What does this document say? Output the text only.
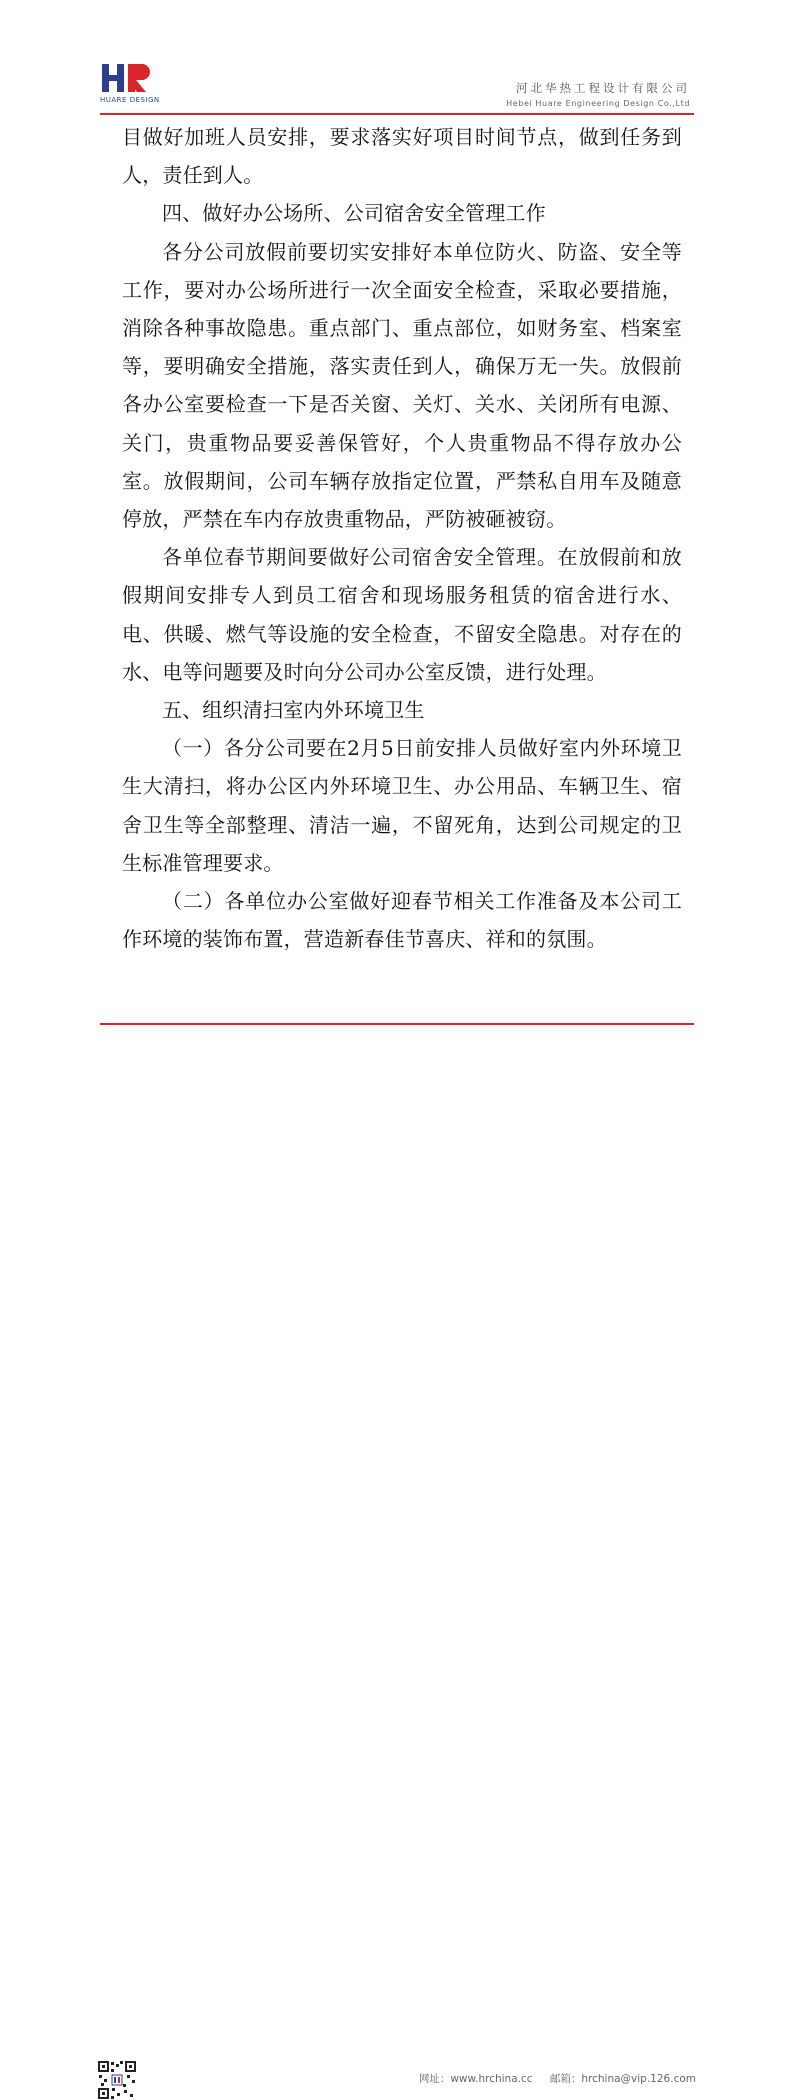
HUARE DESIGN
河北华热工程设计有限公司
Hebei Huare Engineering Design Co.,Ltd

目做好加班人员安排，要求落实好项目时间节点，做到任务到人，责任到人。

四、做好办公场所、公司宿舍安全管理工作

各分公司放假前要切实安排好本单位防火、防盗、安全等工作，要对办公场所进行一次全面安全检查，采取必要措施，消除各种事故隐患。重点部门、重点部位，如财务室、档案室等，要明确安全措施，落实责任到人，确保万无一失。放假前各办公室要检查一下是否关窗、关灯、关水、关闭所有电源、关门，贵重物品要妥善保管好，个人贵重物品不得存放办公室。放假期间，公司车辆存放指定位置，严禁私自用车及随意停放，严禁在车内存放贵重物品，严防被砸被窃。

各单位春节期间要做好公司宿舍安全管理。在放假前和放假期间安排专人到员工宿舍和现场服务租赁的宿舍进行水、电、供暖、燃气等设施的安全检查，不留安全隐患。对存在的水、电等问题要及时向分公司办公室反馈，进行处理。

五、组织清扫室内外环境卫生

（一）各分公司要在2月5日前安排人员做好室内外环境卫生大清扫，将办公区内外环境卫生、办公用品、车辆卫生、宿舍卫生等全部整理、清洁一遍，不留死角，达到公司规定的卫生标准管理要求。

（二）各单位办公室做好迎春节相关工作准备及本公司工作环境的装饰布置，营造新春佳节喜庆、祥和的氛围。

网址：www.hrchina.cc 邮箱：hrchina@vip.126.com
